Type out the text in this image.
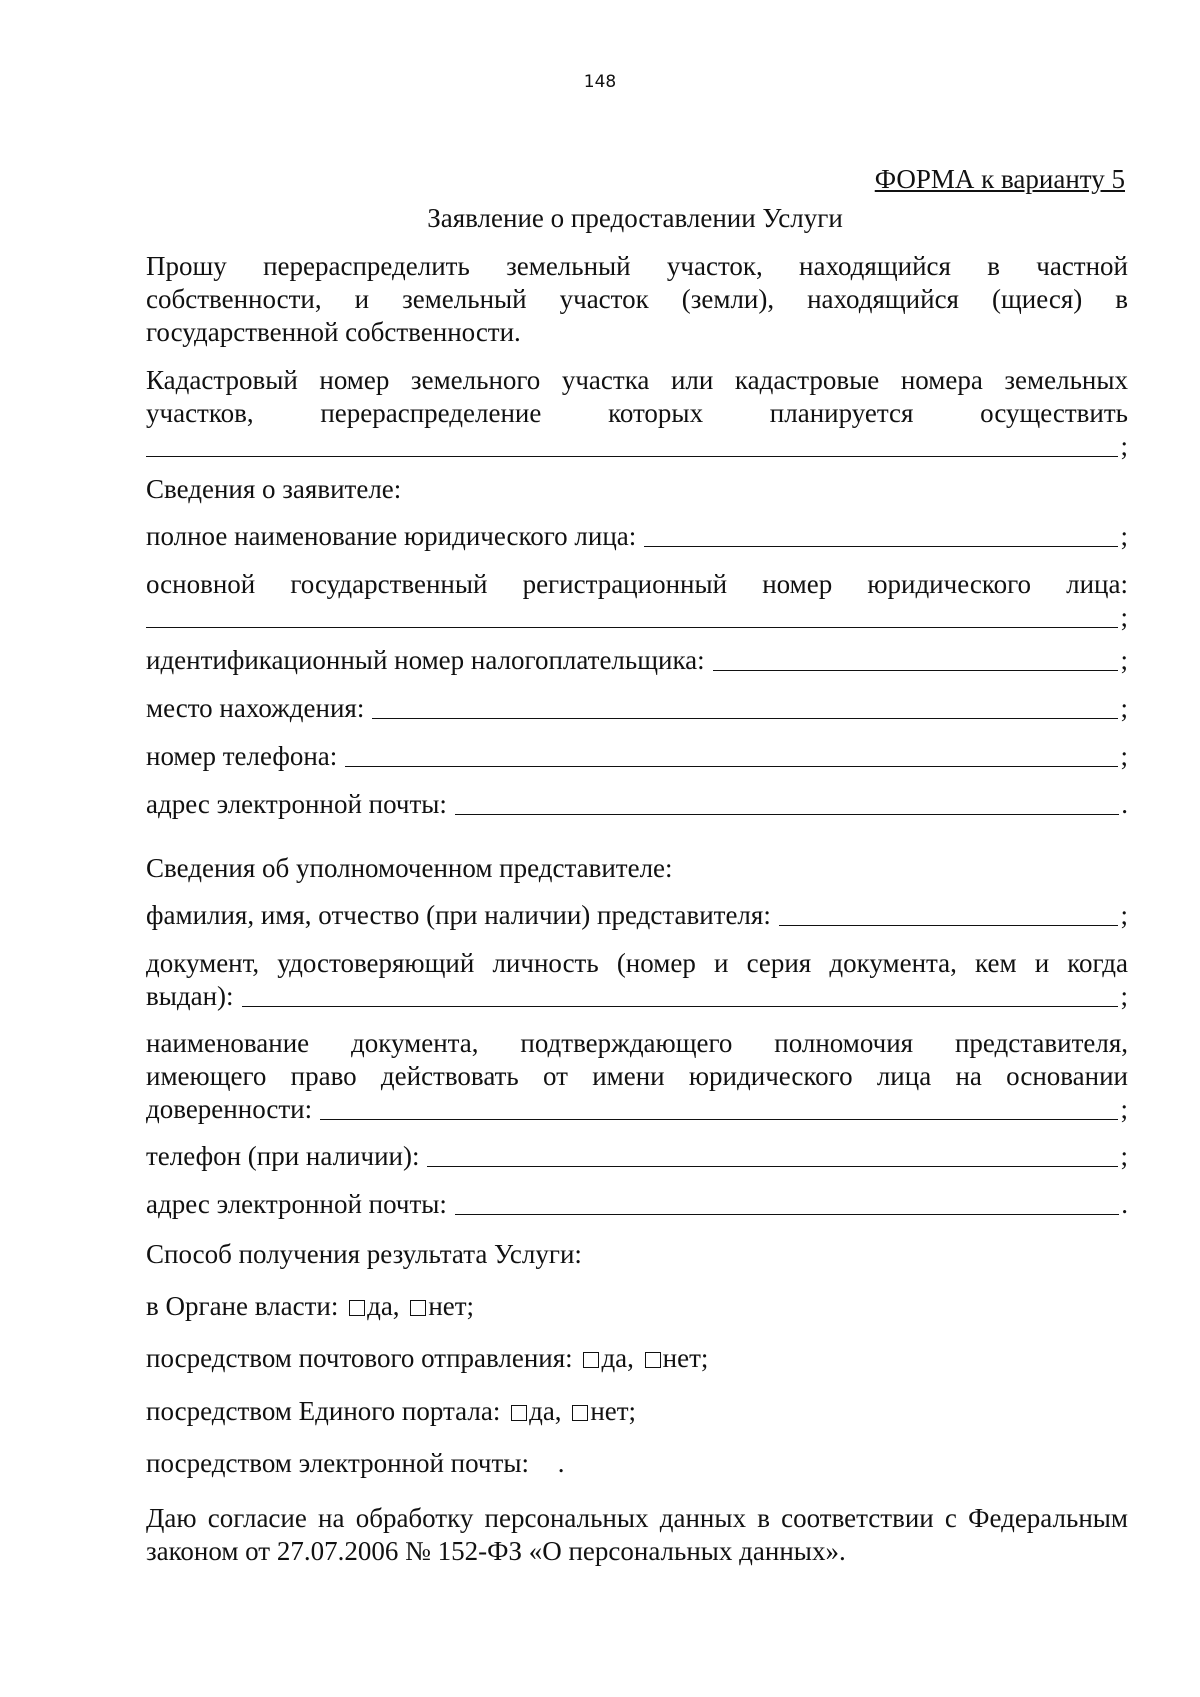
148
ФОРМА к варианту 5
Заявление о предоставлении Услуги
Прошу перераспределить земельный участок, находящийся в частной
собственности, и земельный участок (земли), находящийся (щиеся) в
государственной собственности.
Кадастровый номер земельного участка или кадастровые номера земельных
участков, перераспределение которых планируется осуществить
;
Сведения о заявителе:
полное наименование юридического лица:	;
основной государственный регистрационный номер юридического лица:
;
идентификационный номер налогоплательщика:	;
место нахождения:	;
номер телефона:	;
адрес электронной почты:	.
Сведения об уполномоченном представителе:
фамилия, имя, отчество (при наличии) представителя:	;
документ, удостоверяющий личность (номер и серия документа, кем и когда
выдан):	;
наименование документа, подтверждающего полномочия представителя,
имеющего право действовать от имени юридического лица на основании
доверенности:	;
телефон (при наличии):	;
адрес электронной почты:	.
Способ получения результата Услуги:
в Органе власти: да, нет;
посредством почтового отправления: да, нет;
посредством Единого портала: да, нет;
посредством электронной почты: .
Даю согласие на обработку персональных данных в соответствии с Федеральным
законом от 27.07.2006 № 152-ФЗ «О персональных данных».
